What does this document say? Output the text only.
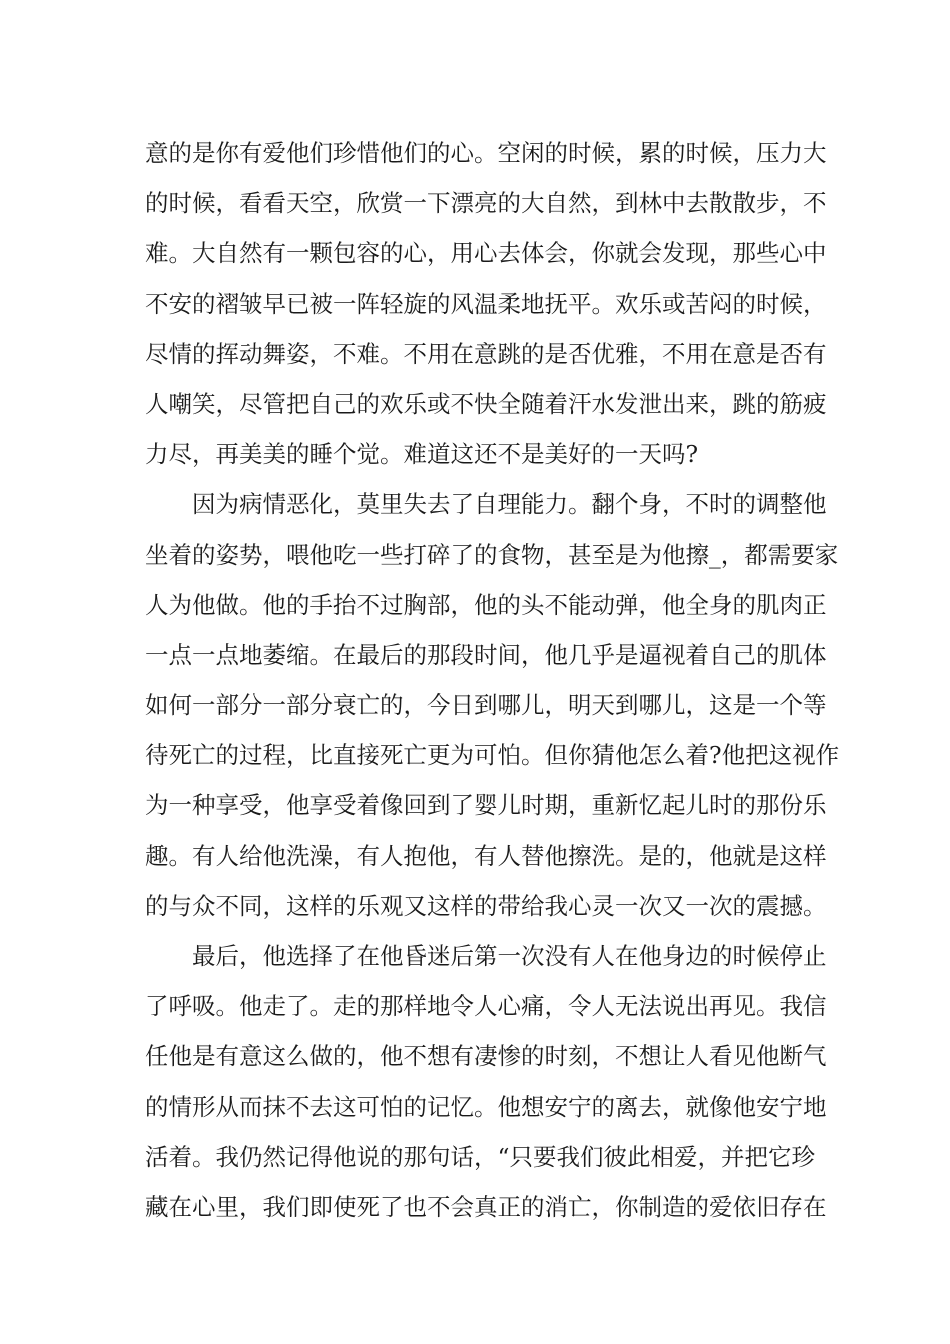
意的是你有爱他们珍惜他们的心。空闲的时候，累的时候，压力大
的时候，看看天空，欣赏一下漂亮的大自然，到林中去散散步，不
难。大自然有一颗包容的心，用心去体会，你就会发现，那些心中
不安的褶皱早已被一阵轻旋的风温柔地抚平。欢乐或苦闷的时候，
尽情的挥动舞姿，不难。不用在意跳的是否优雅，不用在意是否有
人嘲笑，尽管把自己的欢乐或不快全随着汗水发泄出来，跳的筋疲
力尽，再美美的睡个觉。难道这还不是美好的一天吗?
因为病情恶化，莫里失去了自理能力。翻个身，不时的调整他
坐着的姿势，喂他吃一些打碎了的食物，甚至是为他擦_，都需要家
人为他做。他的手抬不过胸部，他的头不能动弹，他全身的肌肉正
一点一点地萎缩。在最后的那段时间，他几乎是逼视着自己的肌体
如何一部分一部分衰亡的，今日到哪儿，明天到哪儿，这是一个等
待死亡的过程，比直接死亡更为可怕。但你猜他怎么着?他把这视作
为一种享受，他享受着像回到了婴儿时期，重新忆起儿时的那份乐
趣。有人给他洗澡，有人抱他，有人替他擦洗。是的，他就是这样
的与众不同，这样的乐观又这样的带给我心灵一次又一次的震撼。
最后，他选择了在他昏迷后第一次没有人在他身边的时候停止
了呼吸。他走了。走的那样地令人心痛，令人无法说出再见。我信
任他是有意这么做的，他不想有凄惨的时刻，不想让人看见他断气
的情形从而抹不去这可怕的记忆。他想安宁的离去，就像他安宁地
活着。我仍然记得他说的那句话，“只要我们彼此相爱，并把它珍
藏在心里，我们即使死了也不会真正的消亡，你制造的爱依旧存在
